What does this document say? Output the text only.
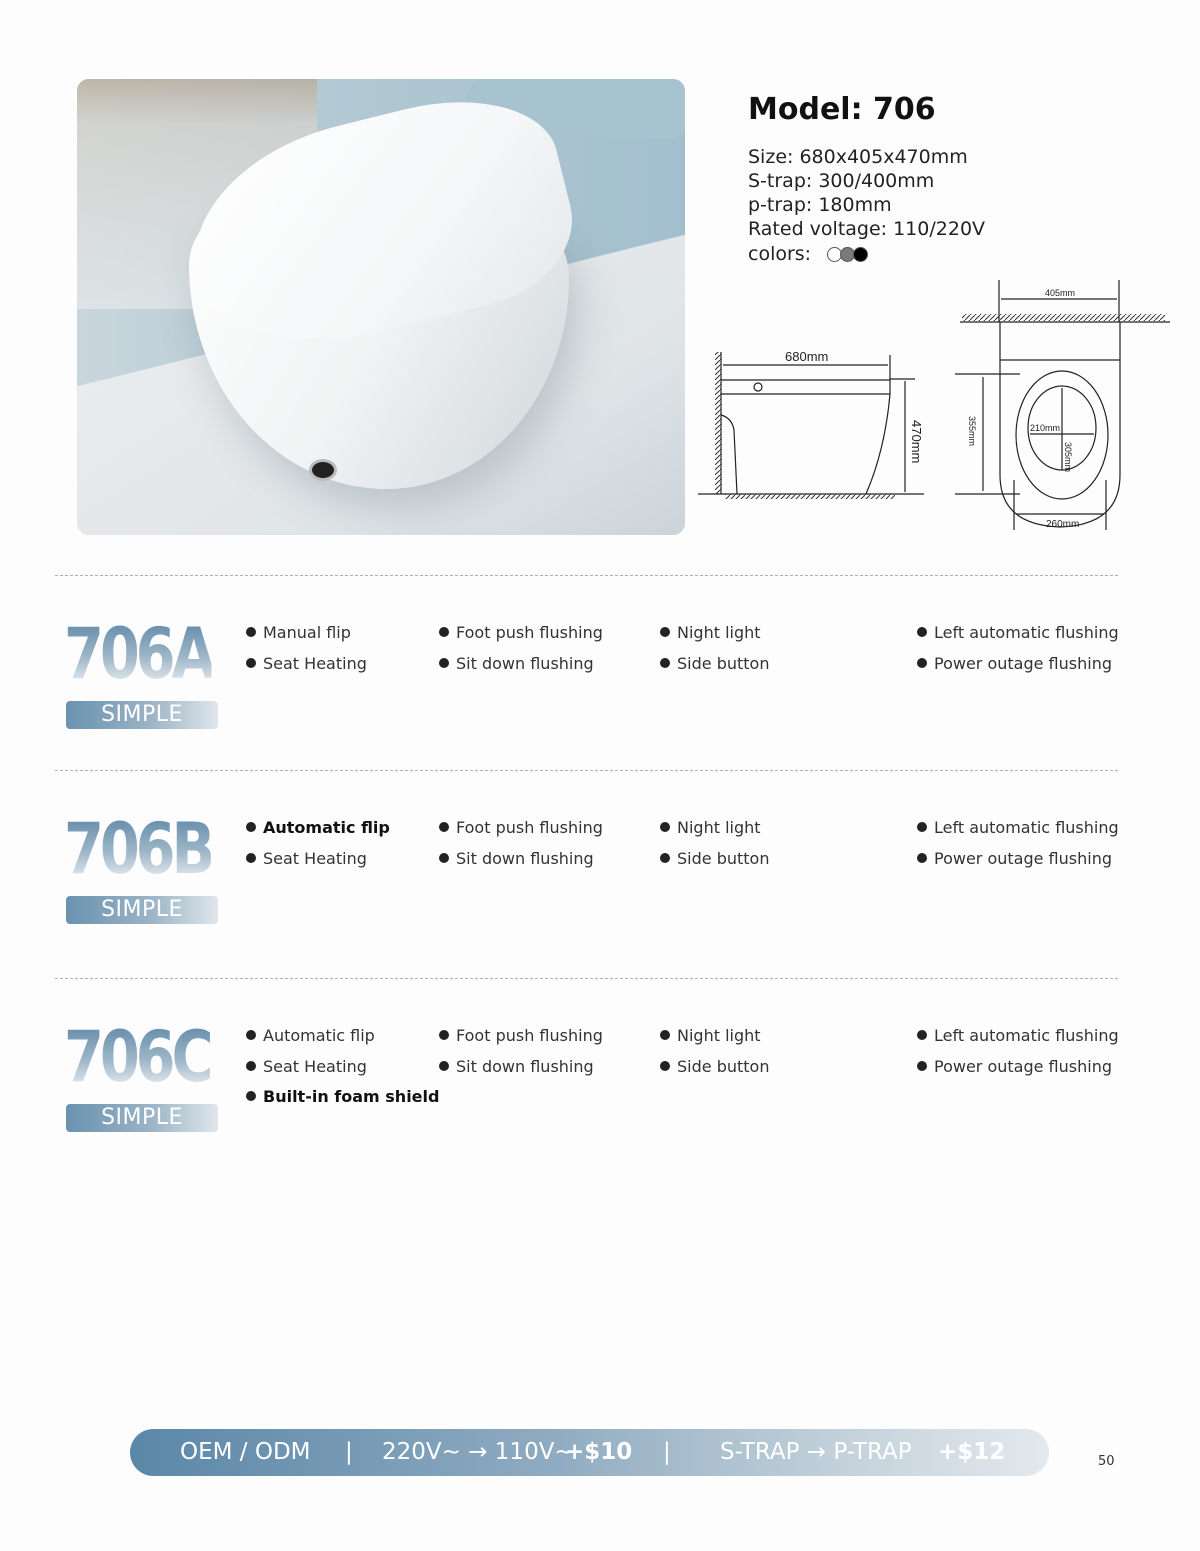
Model: 706
Size: 680x405x470mm
S-trap: 300/400mm
p-trap: 180mm
Rated voltage: 110/220V
colors:
680mm
470mm
405mm
355mm	210mm
305mm
260mm
706A
SIMPLE
Manual flip
Seat Heating
Foot push flushing
Sit down flushing
Night light
Side button
Left automatic flushing
Power outage flushing
706B
SIMPLE
Automatic flip
Seat Heating
Foot push flushing
Sit down flushing
Night light
Side button
Left automatic flushing
Power outage flushing
706C
SIMPLE
Automatic flip
Seat Heating
Built-in foam shield
Foot push flushing
Sit down flushing
Night light
Side button
Left automatic flushing
Power outage flushing
OEM / ODM | 220V~ → 110V~
+$10 | S-TRAP → P-TRAP +$12	50
